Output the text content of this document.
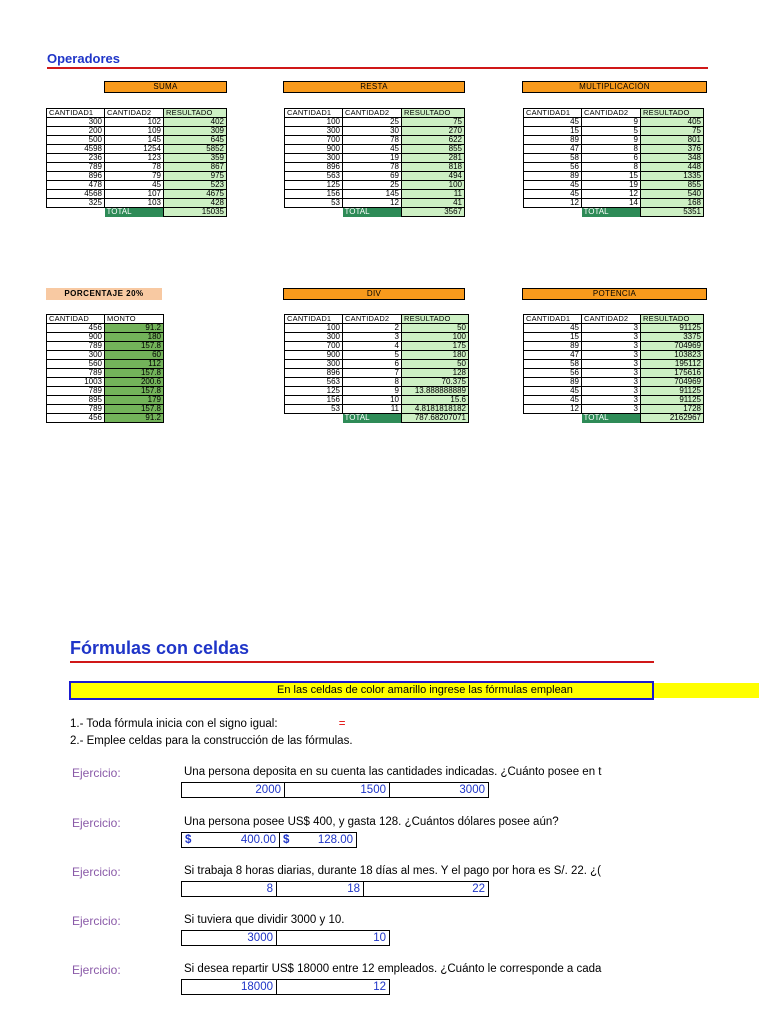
Operadores
SUMA
CANTIDAD1	CANTIDAD2	RESULTADO
300	102	402
200	109	309
500	145	645
4598	1254	5852
236	123	359
789	78	867
896	79	975
478	45	523
4568	107	4675
325	103	428
	TOTAL	15035
RESTA
CANTIDAD1	CANTIDAD2	RESULTADO
100	25	75
300	30	270
700	78	622
900	45	855
300	19	281
896	78	818
563	69	494
125	25	100
156	145	11
53	12	41
	TOTAL	3567
MULTIPLICACIÓN
CANTIDAD1	CANTIDAD2	RESULTADO
45	9	405
15	5	75
89	9	801
47	8	376
58	6	348
56	8	448
89	15	1335
45	19	855
45	12	540
12	14	168
	TOTAL	5351
PORCENTAJE 20%
CANTIDAD	MONTO
456	91.2
900	180
789	157.8
300	60
560	112
789	157.8
1003	200.6
789	157.8
895	179
789	157.8
456	91.2
DIV
CANTIDAD1	CANTIDAD2	RESULTADO
100	2	50
300	3	100
700	4	175
900	5	180
300	6	50
896	7	128
563	8	70.375
125	9	13.888888889
156	10	15.6
53	11	4.8181818182
	TOTAL	787.68207071
POTENCIA
CANTIDAD1	CANTIDAD2	RESULTADO
45	3	91125
15	3	3375
89	3	704969
47	3	103823
58	3	195112
56	3	175616
89	3	704969
45	3	91125
45	3	91125
12	3	1728
	TOTAL	2162967
Fórmulas con celdas
En las celdas de color amarillo ingrese las fórmulas emplean
1.- Toda fórmula inicia con el signo igual:	=
2.- Emplee celdas para la construcción de las fórmulas.
Ejercicio:	Una persona deposita en su cuenta las cantidades indicadas. ¿Cuánto posee en t
2000	1500	3000
Ejercicio:	Una persona posee US$ 400, y gasta 128. ¿Cuántos dólares posee aún?
$	400.00 $ 128.00
Ejercicio:	Si trabaja 8 horas diarias, durante 18 días al mes. Y el pago por hora es S/. 22. ¿(
8	18	22
Ejercicio:	Si tuviera que dividir 3000 y 10.
3000	10
Ejercicio:	Si desea repartir US$ 18000 entre 12 empleados. ¿Cuánto le corresponde a cada
18000	12
